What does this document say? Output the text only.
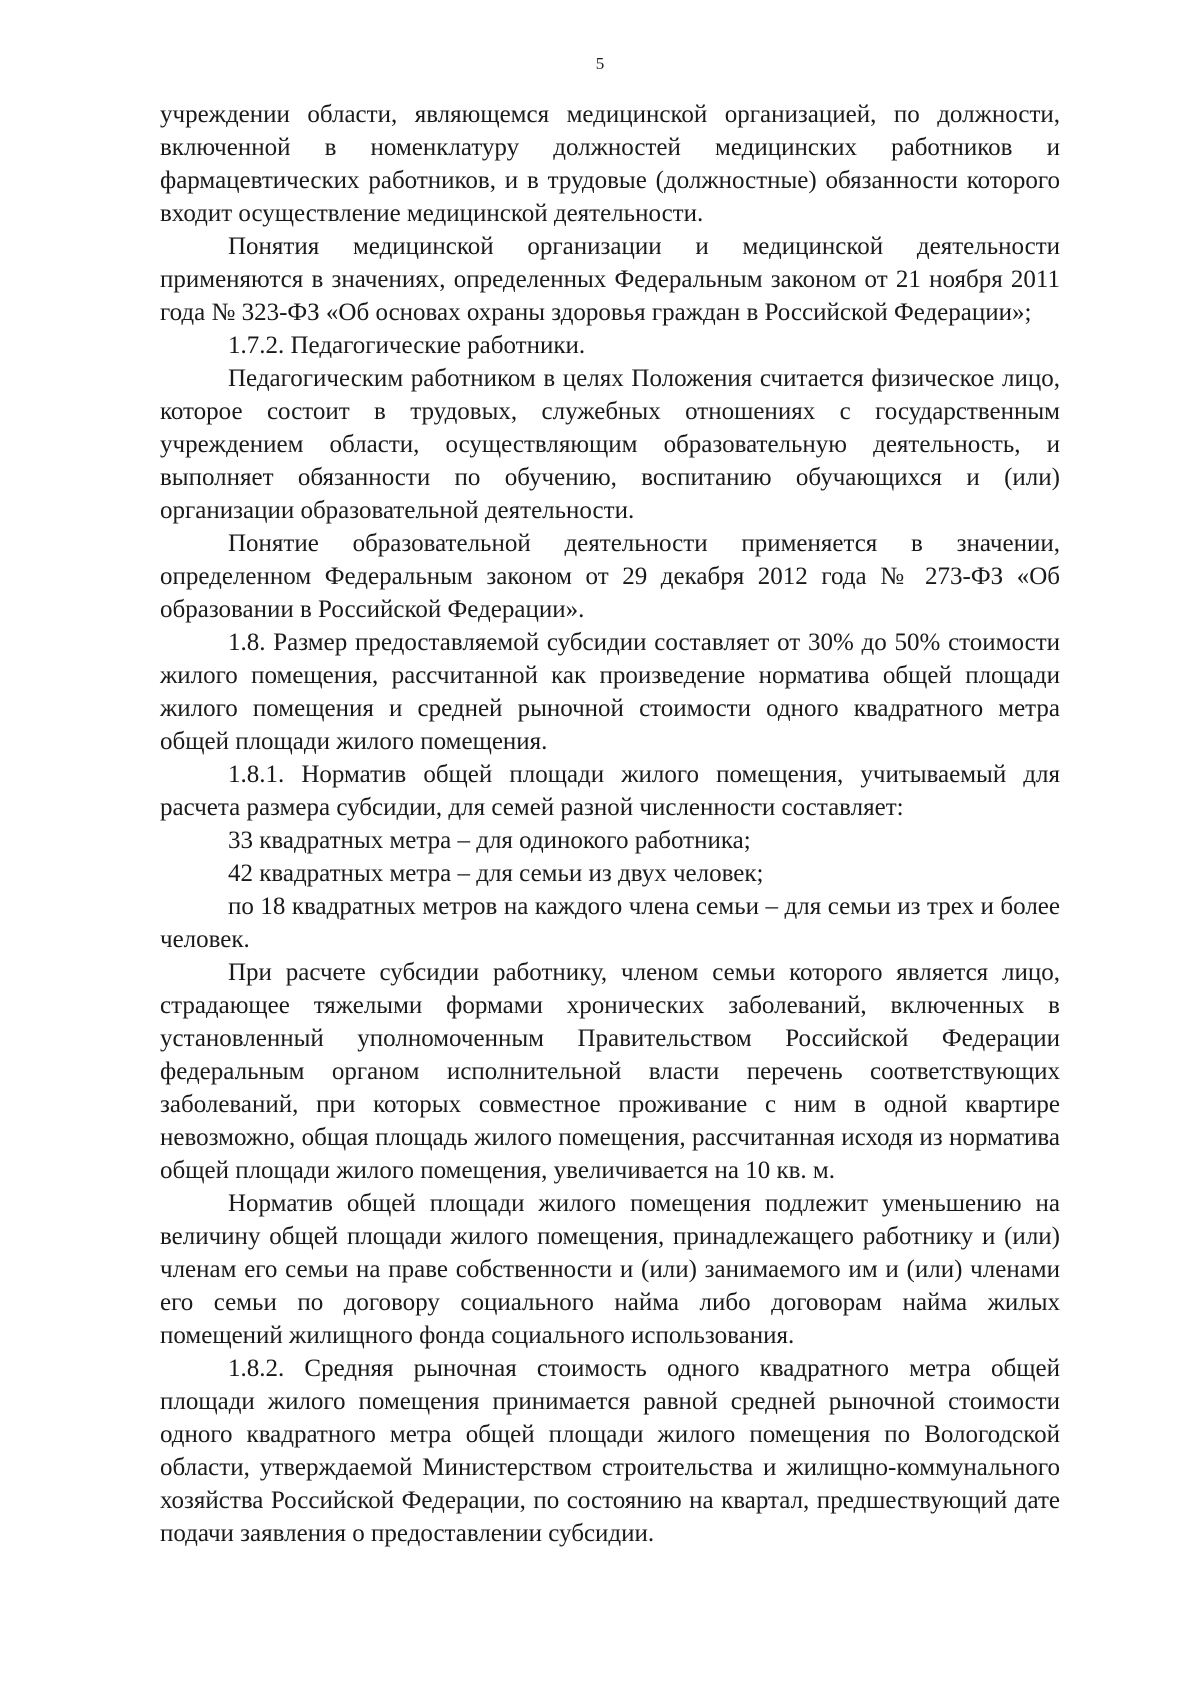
5

учреждении области, являющемся медицинской организацией, по должности, включенной в номенклатуру должностей медицинских работников и фармацевтических работников, и в трудовые (должностные) обязанности которого входит осуществление медицинской деятельности.

Понятия медицинской организации и медицинской деятельности применяются в значениях, определенных Федеральным законом от 21 ноября 2011 года № 323-ФЗ «Об основах охраны здоровья граждан в Российской Федерации»;

1.7.2. Педагогические работники.

Педагогическим работником в целях Положения считается физическое лицо, которое состоит в трудовых, служебных отношениях с государственным учреждением области, осуществляющим образовательную деятельность, и выполняет обязанности по обучению, воспитанию обучающихся и (или) организации образовательной деятельности.

Понятие образовательной деятельности применяется в значении, определенном Федеральным законом от 29 декабря 2012 года № 273-ФЗ «Об образовании в Российской Федерации».

1.8. Размер предоставляемой субсидии составляет от 30% до 50% стоимости жилого помещения, рассчитанной как произведение норматива общей площади жилого помещения и средней рыночной стоимости одного квадратного метра общей площади жилого помещения.

1.8.1. Норматив общей площади жилого помещения, учитываемый для расчета размера субсидии, для семей разной численности составляет:

33 квадратных метра – для одинокого работника;

42 квадратных метра – для семьи из двух человек;

по 18 квадратных метров на каждого члена семьи – для семьи из трех и более человек.

При расчете субсидии работнику, членом семьи которого является лицо, страдающее тяжелыми формами хронических заболеваний, включенных в установленный уполномоченным Правительством Российской Федерации федеральным органом исполнительной власти перечень соответствующих заболеваний, при которых совместное проживание с ним в одной квартире невозможно, общая площадь жилого помещения, рассчитанная исходя из норматива общей площади жилого помещения, увеличивается на 10 кв. м.

Норматив общей площади жилого помещения подлежит уменьшению на величину общей площади жилого помещения, принадлежащего работнику и (или) членам его семьи на праве собственности и (или) занимаемого им и (или) членами его семьи по договору социального найма либо договорам найма жилых помещений жилищного фонда социального использования.

1.8.2. Средняя рыночная стоимость одного квадратного метра общей площади жилого помещения принимается равной средней рыночной стоимости одного квадратного метра общей площади жилого помещения по Вологодской области, утверждаемой Министерством строительства и жилищно-коммунального хозяйства Российской Федерации, по состоянию на квартал, предшествующий дате подачи заявления о предоставлении субсидии.
